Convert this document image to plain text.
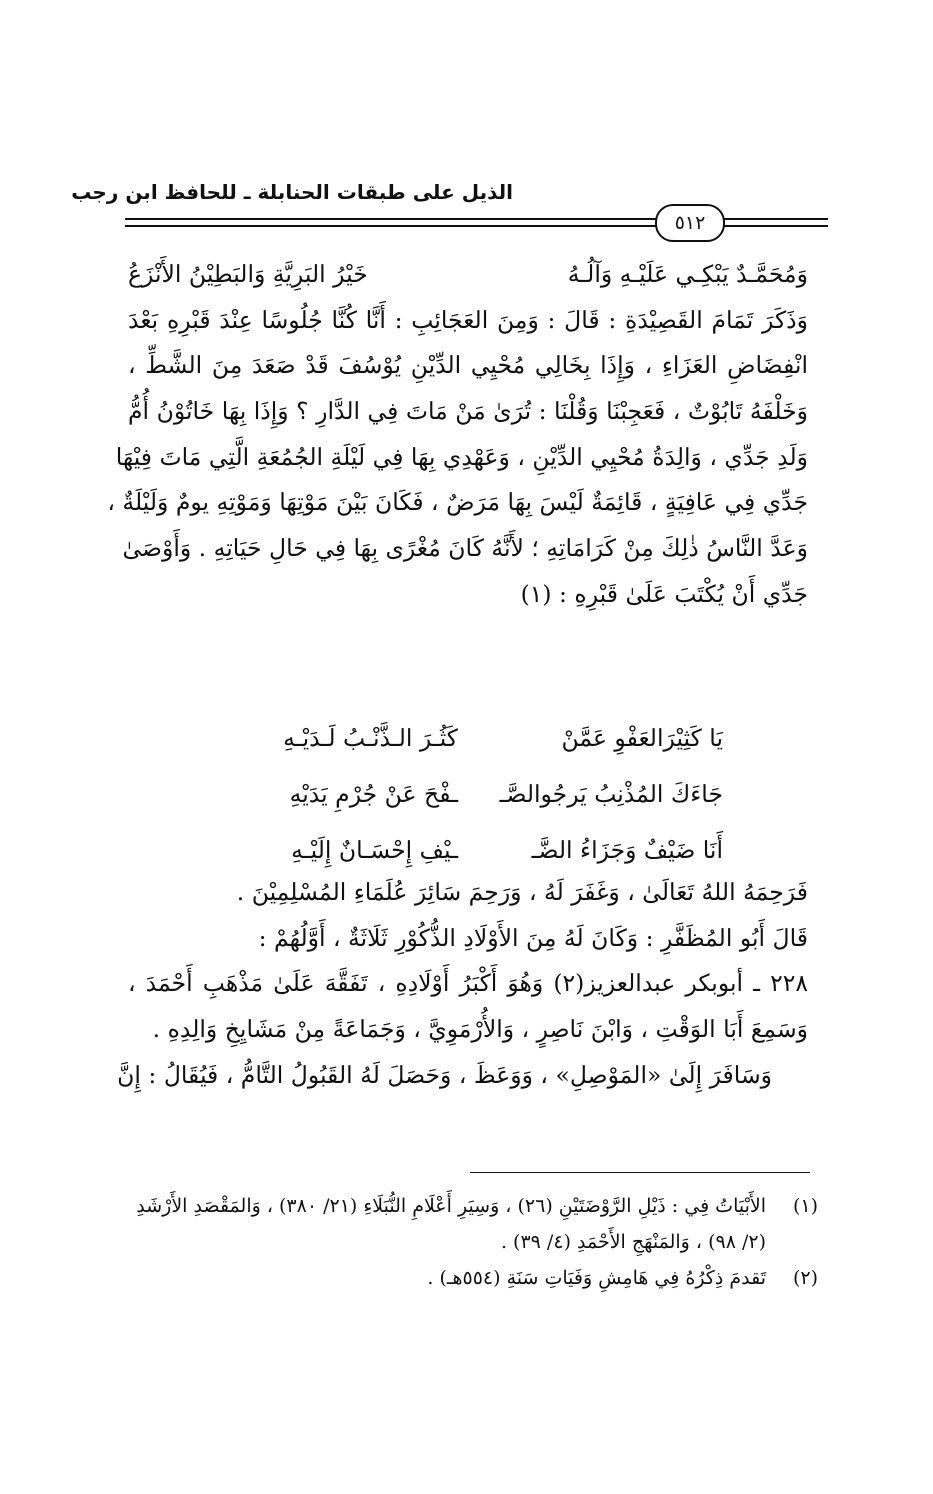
الذيل على طبقات الحنابلة ـ للحافظ ابن رجب
٥١٢
وَمُحَمَّـدٌ يَبْكِـي عَلَيْـهِ وَآلُـهُ
خَيْرُ البَرِيَّةِ وَالبَطِيْنُ الأَنْزَعُ
وَذَكَرَ تَمَامَ القَصِيْدَةِ : قَالَ : وَمِنَ العَجَائِبِ : أَنَّا كُنَّا جُلُوسًا عِنْدَ قَبْرِهِ بَعْدَ
انْفِضَاضِ العَزَاءِ ، وَإِذَا بِخَالِي مُحْيِي الدِّيْنِ يُوْسُفَ قَدْ صَعَدَ مِنَ الشَّطِّ ،
وَخَلْفَهُ تَابُوْتٌ ، فَعَجِبْنَا وَقُلْنَا : تُرَىٰ مَنْ مَاتَ فِي الدَّارِ ؟ وَإِذَا بِهَا خَاتُوْنُ أُمُّ
وَلَدِ جَدِّي ، وَالِدَةُ مُحْيِي الدِّيْنِ ، وَعَهْدِي بِهَا فِي لَيْلَةِ الجُمُعَةِ الَّتِي مَاتَ فِيْهَا
جَدِّي فِي عَافِيَةٍ ، قَائِمَةٌ لَيْسَ بِهَا مَرَضٌ ، فَكَانَ بَيْنَ مَوْتِهَا وَمَوْتِهِ يومٌ وَلَيْلَةٌ ،
وَعَدَّ النَّاسُ ذٰلِكَ مِنْ كَرَامَاتِهِ ؛ لأَنَّهُ كَانَ مُغْرًى بِهَا فِي حَالِ حَيَاتِهِ . وَأَوْصَىٰ
جَدِّي أَنْ يُكْتَبَ عَلَىٰ قَبْرِهِ : (١)
يَا كَثِيْرَالعَفْوِ عَمَّنْ
كَثُـرَ الـذَّنْـبُ لَـدَيْـهِ
جَاءَكَ المُذْنِبُ يَرجُوالصَّـ
ـفْحَ عَنْ جُرْمِ يَدَيْهِ
أَنَا ضَيْفٌ وَجَزَاءُ الضَّـ
ـيْفِ إِحْسَـانٌ إِلَيْـهِ
فَرَحِمَهُ اللهُ تَعَالَىٰ ، وَغَفَرَ لَهُ ، وَرَحِمَ سَائِرَ عُلَمَاءِ المُسْلِمِيْنَ .
قَالَ أَبُو المُظَفَّرِ : وَكَانَ لَهُ مِنَ الأَوْلَادِ الذُّكُوْرِ ثَلَاثَةٌ ، أَوَّلُهُمْ :
٢٢٨ ـ أبوبكر عبدالعزيز(٢) وَهُوَ أَكْبَرُ أَوْلَادِهِ ، تَفَقَّهَ عَلَىٰ مَذْهَبِ أَحْمَدَ ،
وَسَمِعَ أَبَا الوَقْتِ ، وَابْنَ نَاصِرٍ ، وَالأُرْمَوِيَّ ، وَجَمَاعَةً مِنْ مَشَايِخِ وَالِدِهِ .
وَسَافَرَ إِلَىٰ «المَوْصِلِ» ، وَوَعَظَ ، وَحَصَلَ لَهُ القَبُولُ التَّامُّ ، فَيُقَالُ : إِنَّ
(١)
الأَبْيَاتُ فِي : ذَيْلِ الرَّوْضَتَيْنِ (٢٦) ، وَسِيَرِ أَعْلَامِ النُّبَلَاءِ (٢١/ ٣٨٠) ، وَالمَقْصَدِ الأَرْشَدِ
(٢/ ٩٨) ، وَالمَنْهَجِ الأَحْمَدِ (٤/ ٣٩) .
(٢)
تَقدمَ ذِكْرُهُ فِي هَامِشِ وَفَيَاتِ سَنَةِ (٥٥٤هـ) .
